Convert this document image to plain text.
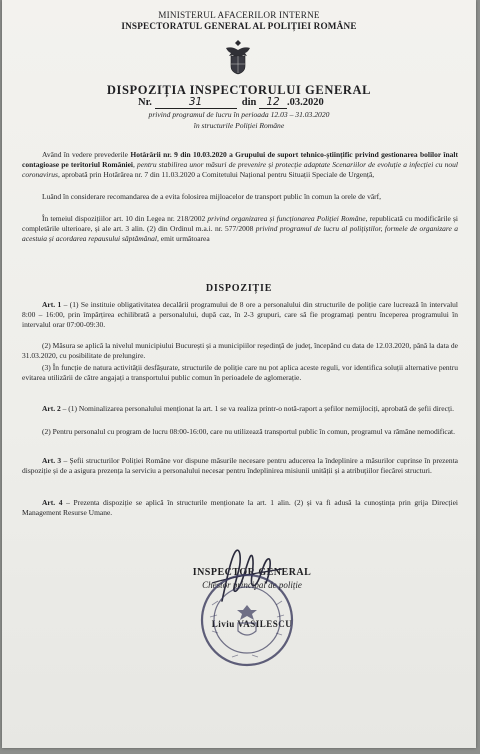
MINISTERUL AFACERILOR INTERNE
INSPECTORATUL GENERAL AL POLIȚIEI ROMÂNE
DISPOZIȚIA INSPECTORULUI GENERAL
Nr.	31	din 12 .03.2020
privind programul de lucru în perioada 12.03 – 31.03.2020
în structurile Poliției Române
Având în vedere prevederile Hotărârii nr. 9 din 10.03.2020 a Grupului de suport tehnico-științific privind gestionarea bolilor înalt contagioase pe teritoriul României, pentru stabilirea unor măsuri de prevenire și protecție adaptate Scenariilor de evoluție a infecției cu noul coronavirus, aprobată prin Hotărârea nr. 7 din 11.03.2020 a Comitetului Național pentru Situații Speciale de Urgență,
Luând în considerare recomandarea de a evita folosirea mijloacelor de transport public în comun la orele de vârf,
În temeiul dispozițiilor art. 10 din Legea nr. 218/2002 privind organizarea și funcționarea Poliției Române, republicată cu modificările și completările ulterioare, și ale art. 3 alin. (2) din Ordinul m.a.i. nr. 577/2008 privind programul de lucru al polițiștilor, formele de organizare a acestuia și acordarea repausului săptămânal, emit următoarea
DISPOZIȚIE
Art. 1 – (1) Se instituie obligativitatea decalării programului de 8 ore a personalului din structurile de poliție care lucrează în intervalul 8:00 – 16:00, prin împărțirea echilibrată a personalului, după caz, în 2-3 grupuri, care să fie programați pentru începerea programului în intervalul orar 07:00-09:30.
(2) Măsura se aplică la nivelul municipiului București și a municipiilor reședință de județ, începând cu data de 12.03.2020, până la data de 31.03.2020, cu posibilitate de prelungire.
(3) În funcție de natura activității desfășurate, structurile de poliție care nu pot aplica aceste reguli, vor identifica soluții alternative pentru evitarea utilizării de către angajați a transportului public comun în perioadele de aglomerație.
Art. 2 – (1) Nominalizarea personalului menționat la art. 1 se va realiza printr-o notă-raport a șefilor nemijlociți, aprobată de șefii direcți.
(2) Pentru personalul cu program de lucru 08:00-16:00, care nu utilizează transportul public în comun, programul va rămâne nemodificat.
Art. 3 – Șefii structurilor Poliției Române vor dispune măsurile necesare pentru aducerea la îndeplinire a măsurilor cuprinse în prezenta dispoziție și de a asigura prezența la serviciu a personalului necesar pentru îndeplinirea misiunii unității și a atribuțiilor fiecărei structuri.
Art. 4 – Prezenta dispoziție se aplică în structurile menționate la art. 1 alin. (2) și va fi adusă la cunoștința prin grija Direcției Management Resurse Umane.
INSPECTOR GENERAL
Chestor principal de poliție
Liviu VASILESCU
